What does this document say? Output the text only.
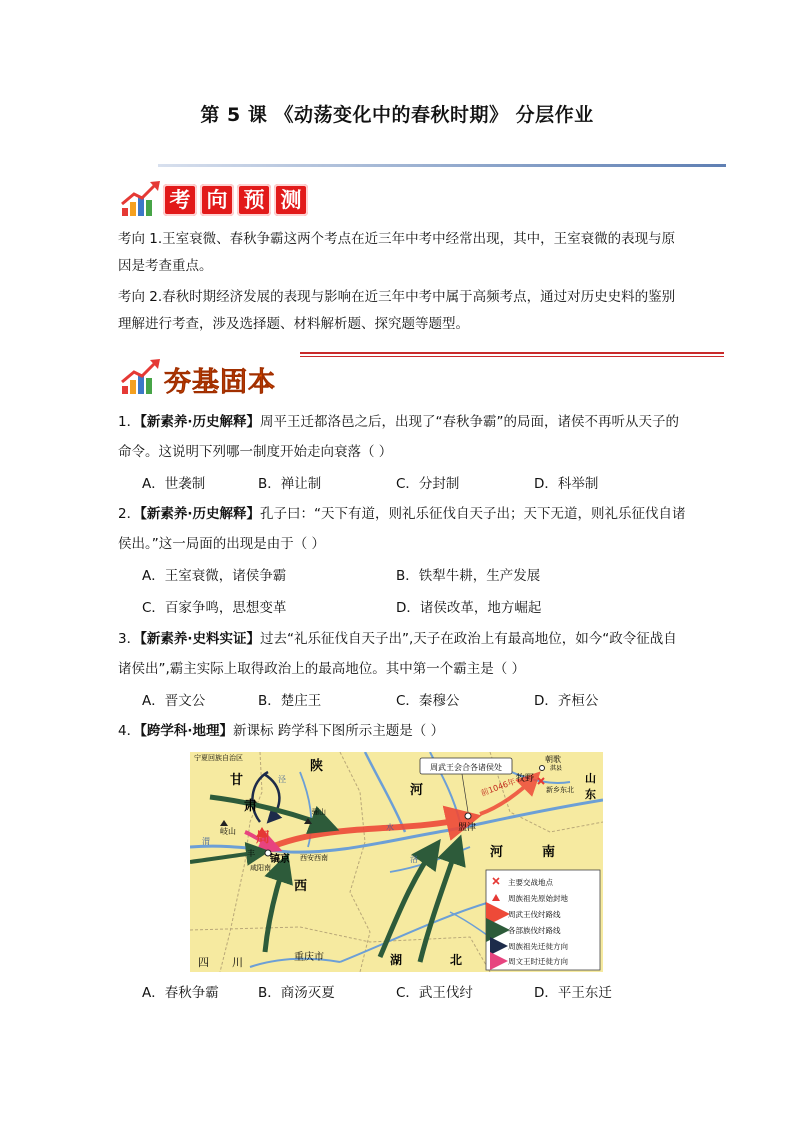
第 5 课 《动荡变化中的春秋时期》 分层作业
考 向 预 测
考向 1.王室衰微、春秋争霸这两个考点在近三年中考中经常出现，其中，王室衰微的表现与原因是考查重点。
考向 2.春秋时期经济发展的表现与影响在近三年中考中属于高频考点，通过对历史史料的鉴别理解进行考查，涉及选择题、材料解析题、探究题等题型。
夯基固本
1．【新素养·历史解释】周平王迁都洛邑之后，出现了“春秋争霸”的局面，诸侯不再听从天子的命令。这说明下列哪一制度开始走向衰落（ ）
A．世袭制	B．禅让制	C．分封制	D．科举制
2．【新素养·历史解释】孔子曰：“天下有道，则礼乐征伐自天子出；天下无道，则礼乐征伐自诸侯出。”这一局面的出现是由于（ ）
A．王室衰微，诸侯争霸	B．铁犁牛耕，生产发展
C．百家争鸣，思想变革	D．诸侯改革，地方崛起
3．【新素养·史料实证】过去“礼乐征伐自天子出”,天子在政治上有最高地位，如今“政令征战自诸侯出”,霸主实际上取得政治上的最高地位。其中第一个霸主是（ ）
A．晋文公	B．楚庄王	C．秦穆公	D．齐桓公
4．【跨学科·地理】新课标 跨学科下图所示主题是（ ）
周武王会合各诸侯处
宁夏回族自治区
甘
肃
陕
西
四 川	重庆市	湖	北
河
河	南
山
东
朝歌
淇县
新乡东北
牧野
盟津
前1046年
岐山 周
丰
镐京 西安西南
咸阳南
骊山
泾
渭
水
洛
主要交战地点
周族祖先原始封地
周武王伐纣路线
各部族伐纣路线
周族祖先迁徙方向
周文王时迁徙方向
A．春秋争霸	B．商汤灭夏	C．武王伐纣	D．平王东迁
